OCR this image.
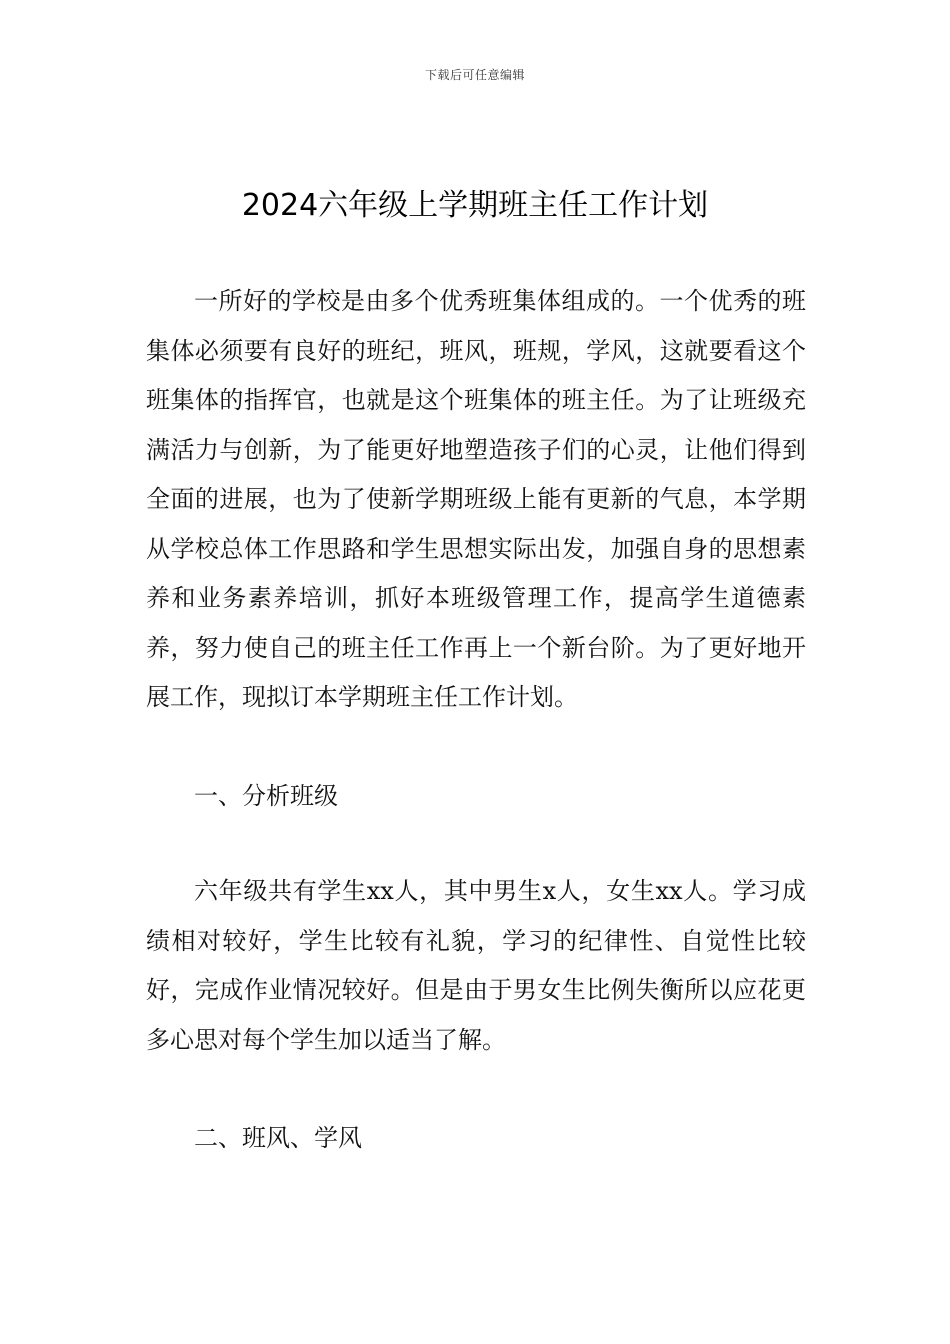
下载后可任意编辑
2024六年级上学期班主任工作计划

一所好的学校是由多个优秀班集体组成的。一个优秀的班集体必须要有良好的班纪，班风，班规，学风，这就要看这个班集体的指挥官，也就是这个班集体的班主任。为了让班级充满活力与创新，为了能更好地塑造孩子们的心灵，让他们得到全面的进展，也为了使新学期班级上能有更新的气息，本学期从学校总体工作思路和学生思想实际出发，加强自身的思想素养和业务素养培训，抓好本班级管理工作，提高学生道德素养，努力使自己的班主任工作再上一个新台阶。为了更好地开展工作，现拟订本学期班主任工作计划。

一、分析班级

六年级共有学生xx人，其中男生x人，女生xx人。学习成绩相对较好，学生比较有礼貌，学习的纪律性、自觉性比较好，完成作业情况较好。但是由于男女生比例失衡所以应花更多心思对每个学生加以适当了解。

二、班风、学风
